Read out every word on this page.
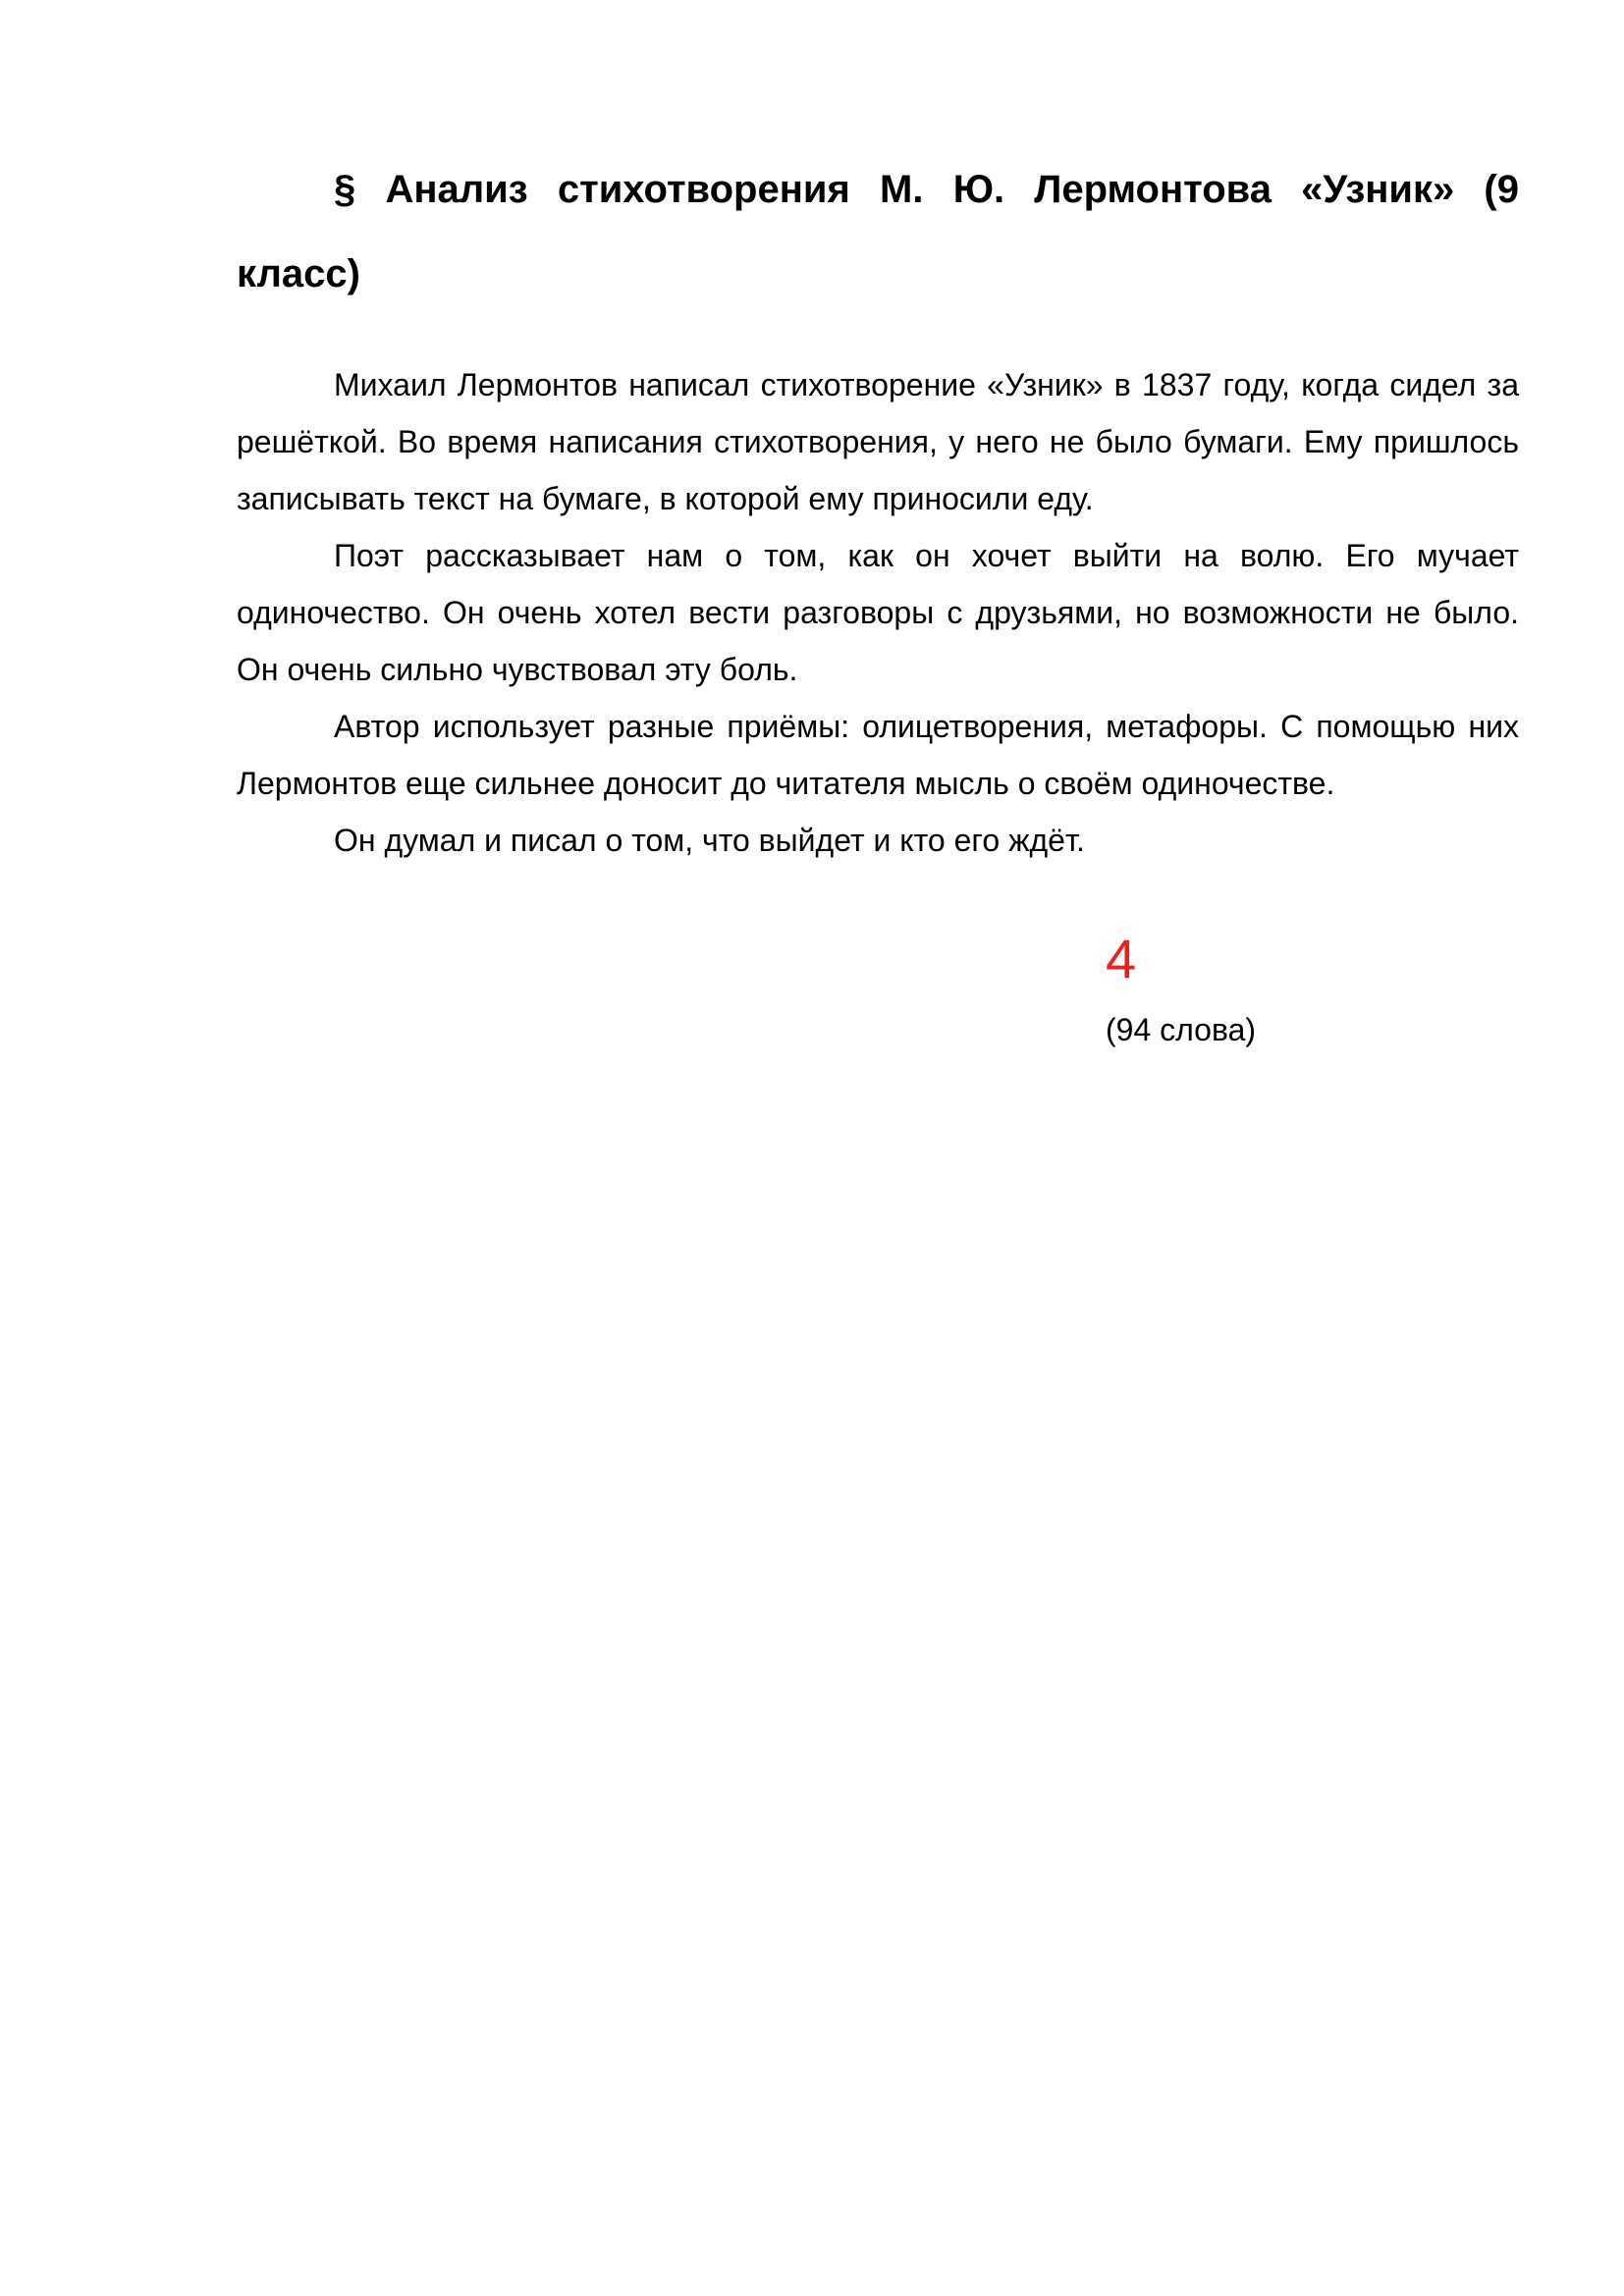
§ Анализ стихотворения М. Ю. Лермонтова «Узник» (9 класс)

Михаил Лермонтов написал стихотворение «Узник» в 1837 году, когда сидел за решёткой. Во время написания стихотворения, у него не было бумаги. Ему пришлось записывать текст на бумаге, в которой ему приносили еду.

Поэт рассказывает нам о том, как он хочет выйти на волю. Его мучает одиночество. Он очень хотел вести разговоры с друзьями, но возможности не было. Он очень сильно чувствовал эту боль.

Автор использует разные приёмы: олицетворения, метафоры. С помощью них Лермонтов еще сильнее доносит до читателя мысль о своём одиночестве.

Он думал и писал о том, что выйдет и кто его ждёт.

4
(94 слова)
